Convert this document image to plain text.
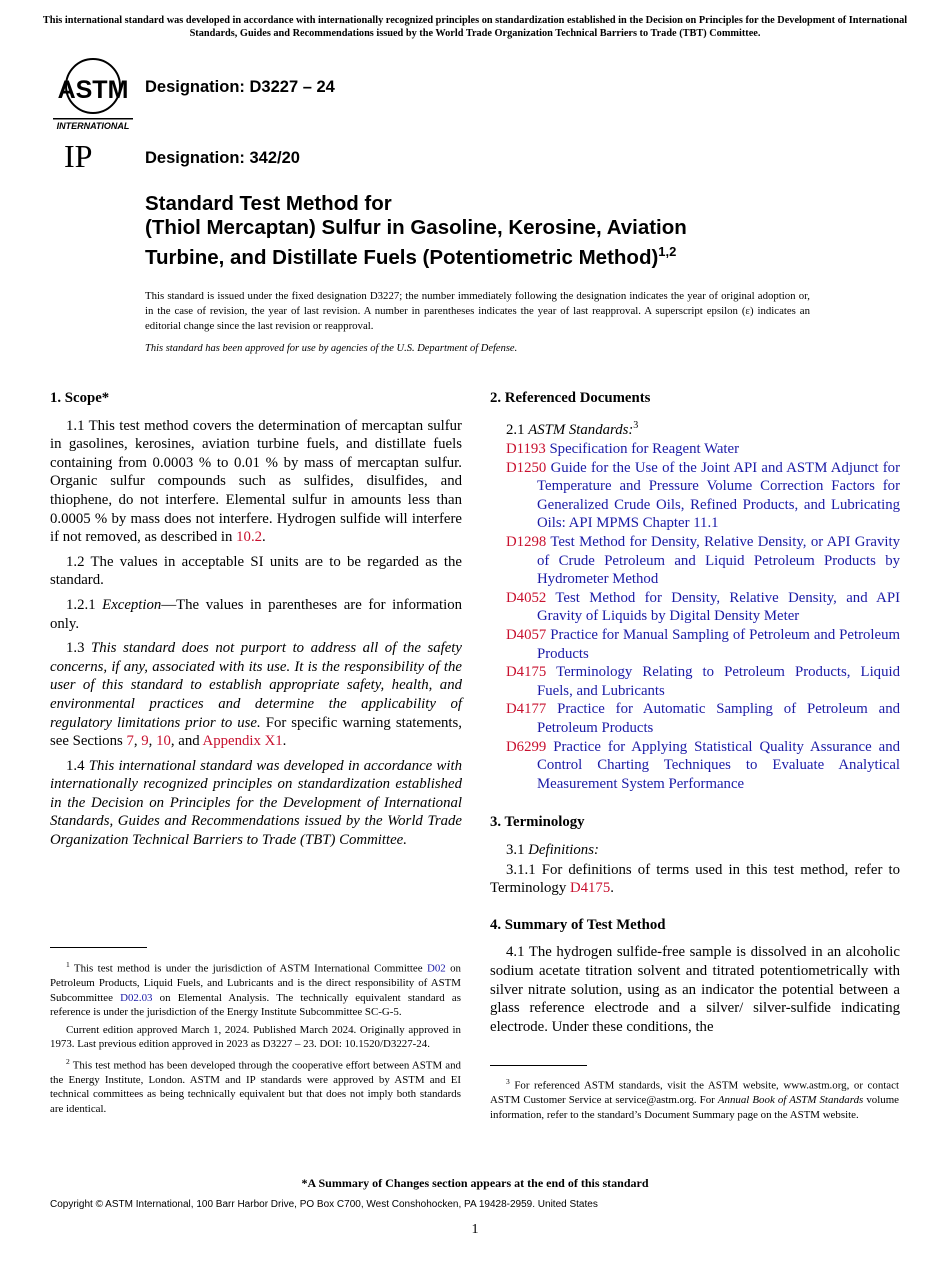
This international standard was developed in accordance with internationally recognized principles on standardization established in the Decision on Principles for the Development of International Standards, Guides and Recommendations issued by the World Trade Organization Technical Barriers to Trade (TBT) Committee.
ASTM
INTERNATIONAL
IP
Designation: D3227 – 24
Designation: 342/20
Standard Test Method for
(Thiol Mercaptan) Sulfur in Gasoline, Kerosine, Aviation
Turbine, and Distillate Fuels (Potentiometric Method)$^{1,2}$
This standard is issued under the fixed designation D3227; the number immediately following the designation indicates the year of original adoption or, in the case of revision, the year of last revision. A number in parentheses indicates the year of last reapproval. A superscript epsilon (ε) indicates an editorial change since the last revision or reapproval.
This standard has been approved for use by agencies of the U.S. Department of Defense.

1. Scope*

1.1 This test method covers the determination of mercaptan sulfur in gasolines, kerosines, aviation turbine fuels, and distillate fuels containing from 0.0003 % to 0.01 % by mass of mercaptan sulfur. Organic sulfur compounds such as sulfides, disulfides, and thiophene, do not interfere. Elemental sulfur in amounts less than 0.0005 % by mass does not interfere. Hydrogen sulfide will interfere if not removed, as described in 10.2.

1.2 The values in acceptable SI units are to be regarded as the standard.

1.2.1 Exception—The values in parentheses are for information only.

1.3 This standard does not purport to address all of the safety concerns, if any, associated with its use. It is the responsibility of the user of this standard to establish appropriate safety, health, and environmental practices and determine the applicability of regulatory limitations prior to use. For specific warning statements, see Sections 7, 9, 10, and Appendix X1.

1.4 This international standard was developed in accordance with internationally recognized principles on standardization established in the Decision on Principles for the Development of International Standards, Guides and Recommendations issued by the World Trade Organization Technical Barriers to Trade (TBT) Committee.

$^1$ This test method is under the jurisdiction of ASTM International Committee D02 on Petroleum Products, Liquid Fuels, and Lubricants and is the direct responsibility of ASTM Subcommittee D02.03 on Elemental Analysis. The technically equivalent standard as reference is under the jurisdiction of the Energy Institute Subcommittee SC-G-5.

Current edition approved March 1, 2024. Published March 2024. Originally approved in 1973. Last previous edition approved in 2023 as D3227 – 23. DOI: 10.1520/D3227-24.

$^2$ This test method has been developed through the cooperative effort between ASTM and the Energy Institute, London. ASTM and IP standards were approved by ASTM and EI technical committees as being technically equivalent but that does not imply both standards are identical.

2. Referenced Documents

2.1 ASTM Standards:$^3$

D1193 Specification for Reagent Water

D1250 Guide for the Use of the Joint API and ASTM Adjunct for Temperature and Pressure Volume Correction Factors for Generalized Crude Oils, Refined Products, and Lubricating Oils: API MPMS Chapter 11.1

D1298 Test Method for Density, Relative Density, or API Gravity of Crude Petroleum and Liquid Petroleum Products by Hydrometer Method

D4052 Test Method for Density, Relative Density, and API Gravity of Liquids by Digital Density Meter

D4057 Practice for Manual Sampling of Petroleum and Petroleum Products

D4175 Terminology Relating to Petroleum Products, Liquid Fuels, and Lubricants

D4177 Practice for Automatic Sampling of Petroleum and Petroleum Products

D6299 Practice for Applying Statistical Quality Assurance and Control Charting Techniques to Evaluate Analytical Measurement System Performance

3. Terminology

3.1 Definitions:

3.1.1 For definitions of terms used in this test method, refer to Terminology D4175.

4. Summary of Test Method

4.1 The hydrogen sulfide-free sample is dissolved in an alcoholic sodium acetate titration solvent and titrated potentiometrically with silver nitrate solution, using as an indicator the potential between a glass reference electrode and a silver/ silver-sulfide indicating electrode. Under these conditions, the

$^3$ For referenced ASTM standards, visit the ASTM website, www.astm.org, or contact ASTM Customer Service at service@astm.org. For Annual Book of ASTM Standards volume information, refer to the standard’s Document Summary page on the ASTM website.

*A Summary of Changes section appears at the end of this standard
Copyright © ASTM International, 100 Barr Harbor Drive, PO Box C700, West Conshohocken, PA 19428-2959. United States
1
